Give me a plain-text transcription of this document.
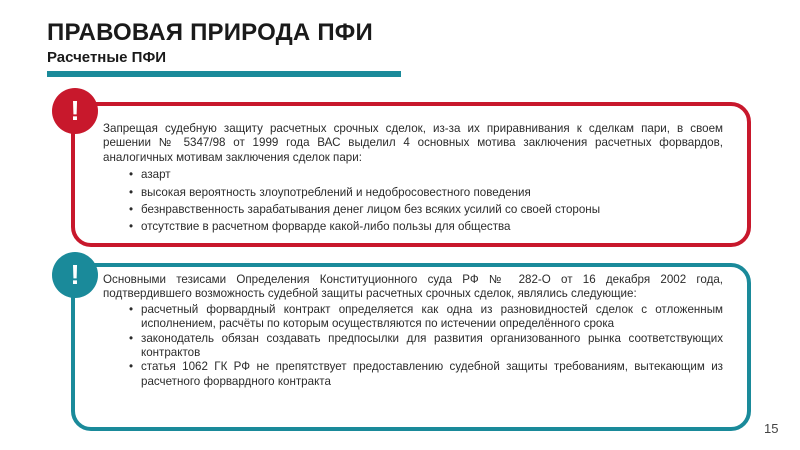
ПРАВОВАЯ ПРИРОДА ПФИ
Расчетные ПФИ
!

Запрещая судебную защиту расчетных срочных сделок, из-за их приравнивания к сделкам пари, в своем решении № 5347/98 от 1999 года ВАС выделил 4 основных мотива заключения расчетных форвардов, аналогичных мотивам заключения сделок пари:

• азарт
• высокая вероятность злоупотреблений и недобросовестного поведения
• безнравственность зарабатывания денег лицом без всяких усилий со своей стороны
• отсутствие в расчетном форварде какой-либо пользы для общества
!	Основными тезисами Определения Конституционного суда РФ № 282-О от 16 декабря 2002 года, подтвердившего возможность судебной защиты расчетных срочных сделок, являлись следующие:

• расчетный форвардный контракт определяется как одна из разновидностей сделок с отложенным исполнением, расчёты по которым осуществляются по истечении определённого срока
• законодатель обязан создавать предпосылки для развития организованного рынка соответствующих контрактов
• статья 1062 ГК РФ не препятствует предоставлению судебной защиты требованиям, вытекающим из расчетного форвардного контракта
15
